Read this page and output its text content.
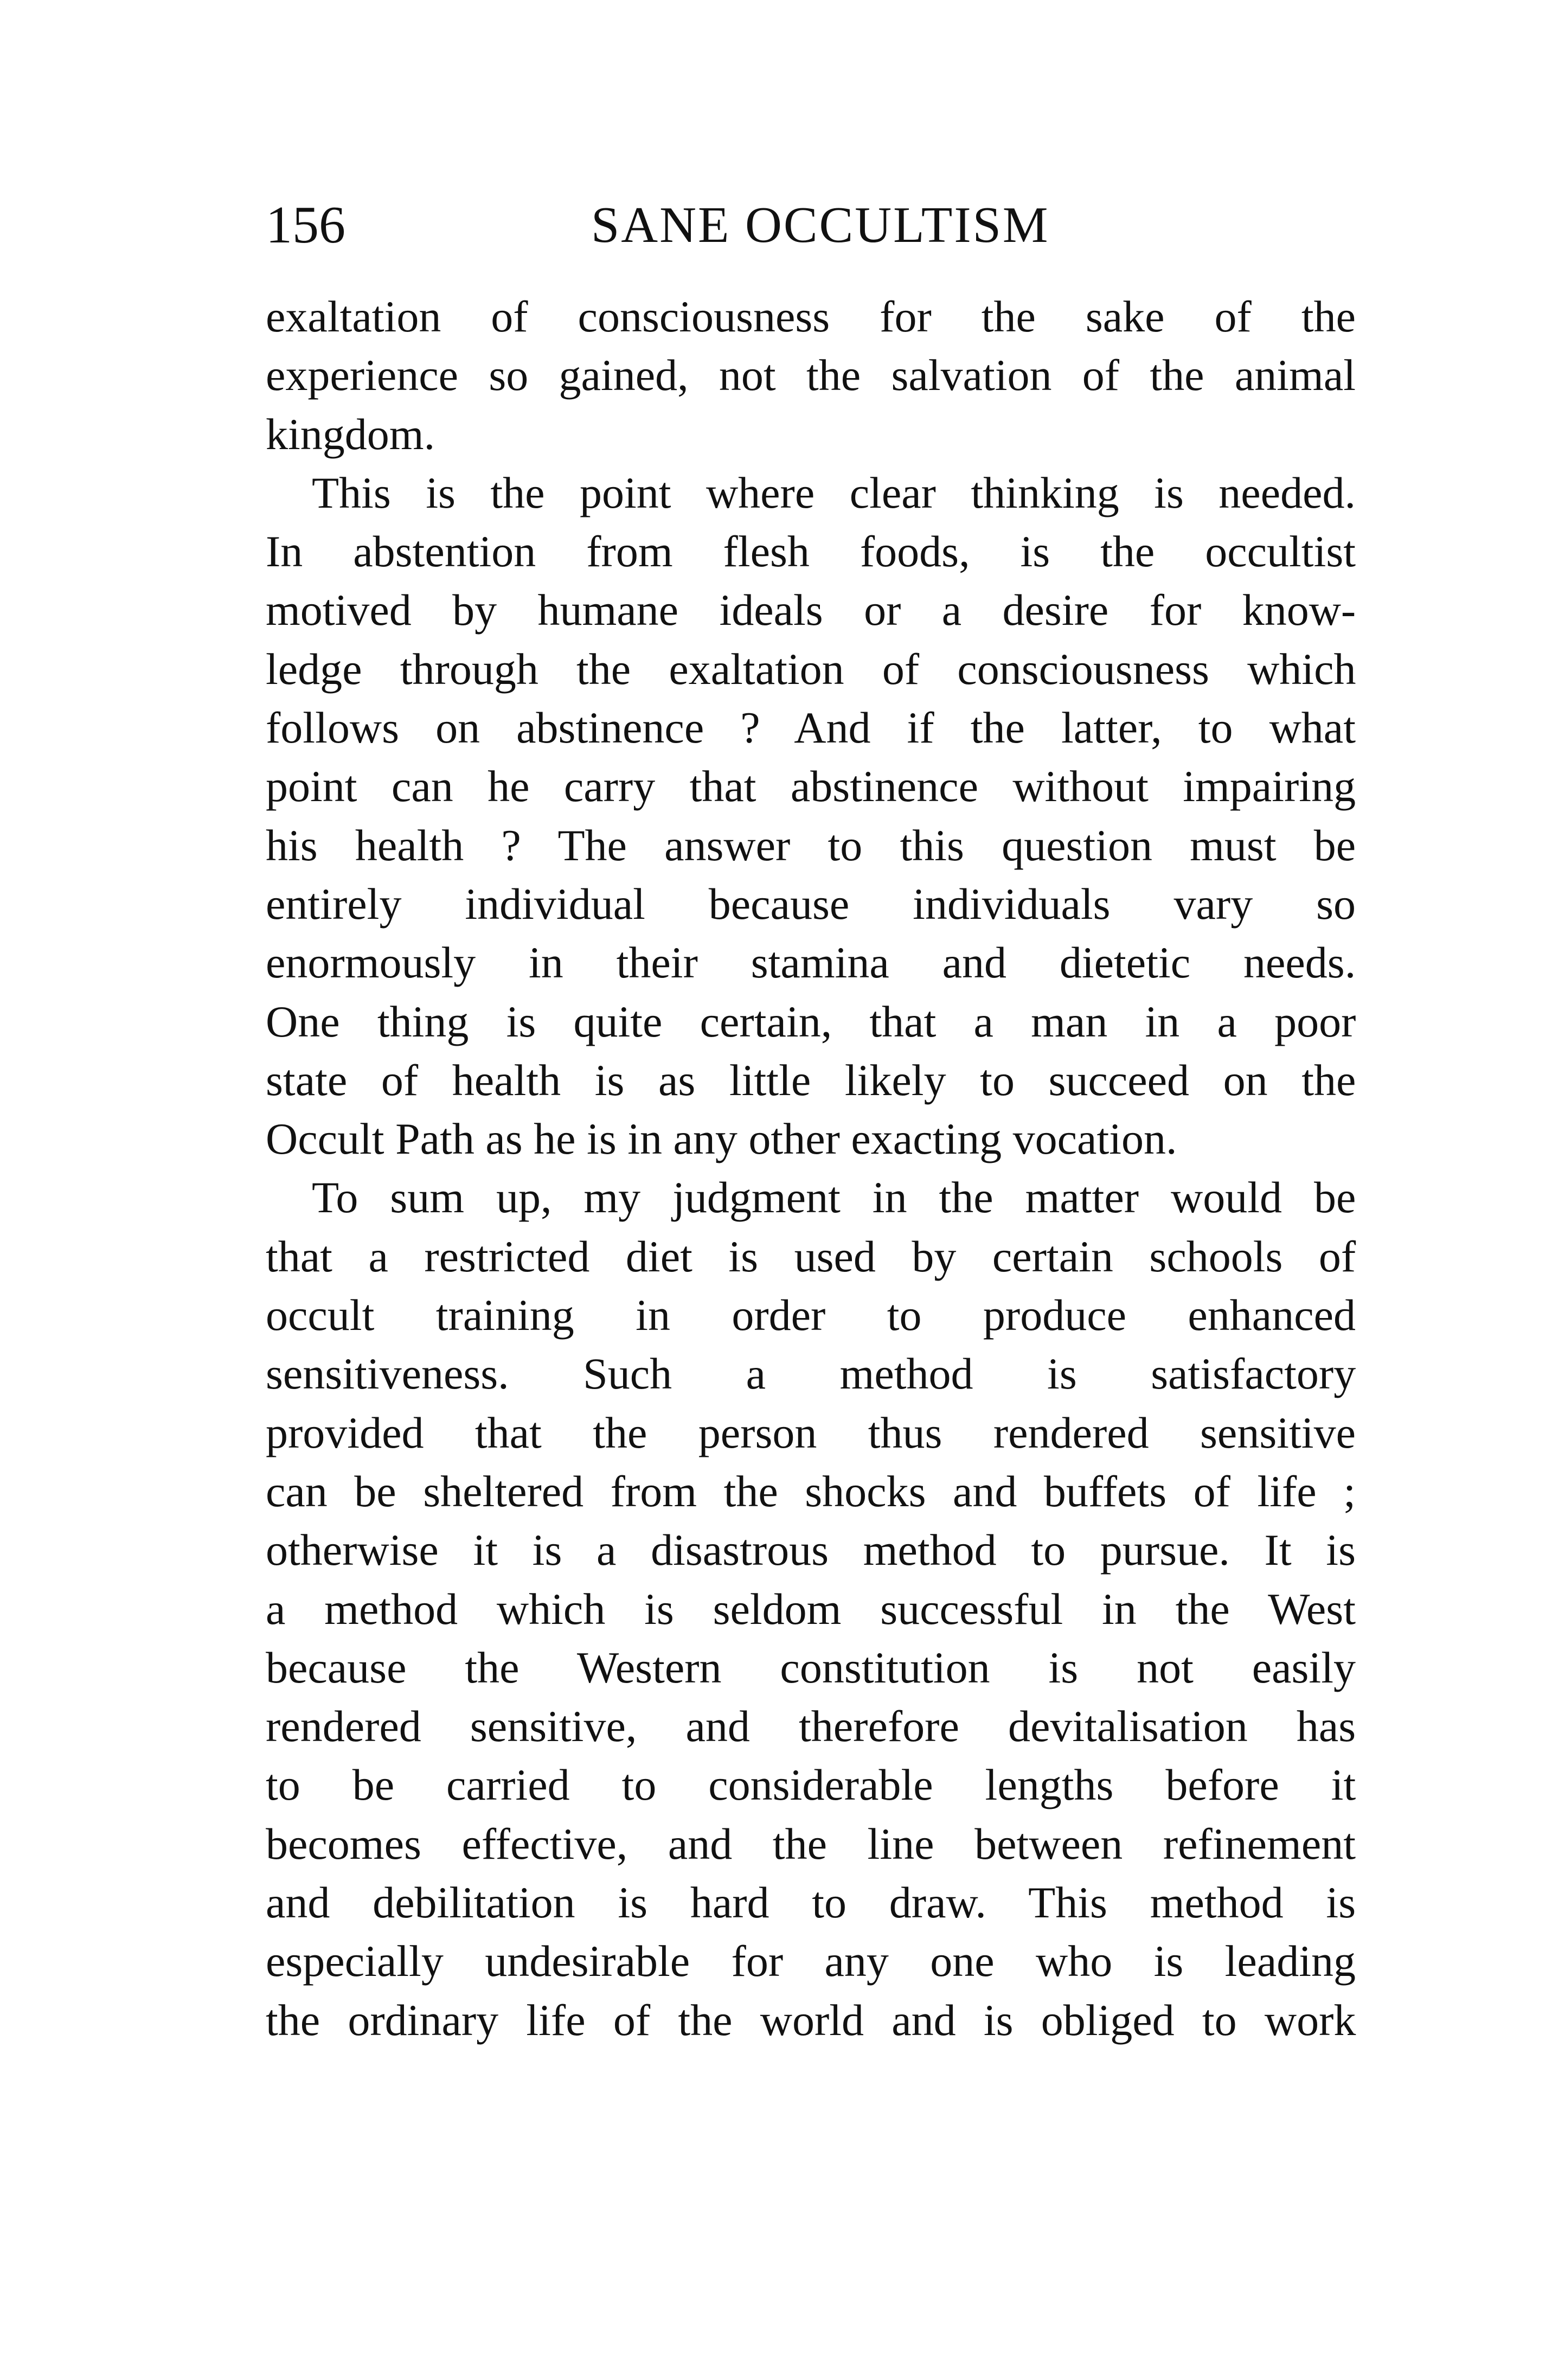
156	SANE OCCULTISM
exaltation of consciousness for the sake of the
experience so gained, not the salvation of the animal
kingdom.
This is the point where clear thinking is needed.
In abstention from flesh foods, is the occultist
motived by humane ideals or a desire for know-
ledge through the exaltation of consciousness which
follows on abstinence ? And if the latter, to what
point can he carry that abstinence without impairing
his health ? The answer to this question must be
entirely individual because individuals vary so
enormously in their stamina and dietetic needs.
One thing is quite certain, that a man in a poor
state of health is as little likely to succeed on the
Occult Path as he is in any other exacting vocation.
To sum up, my judgment in the matter would be
that a restricted diet is used by certain schools of
occult training in order to produce enhanced
sensitiveness. Such a method is satisfactory
provided that the person thus rendered sensitive
can be sheltered from the shocks and buffets of life ;
otherwise it is a disastrous method to pursue. It is
a method which is seldom successful in the West
because the Western constitution is not easily
rendered sensitive, and therefore devitalisation has
to be carried to considerable lengths before it
becomes effective, and the line between refinement
and debilitation is hard to draw. This method is
especially undesirable for any one who is leading
the ordinary life of the world and is obliged to work
